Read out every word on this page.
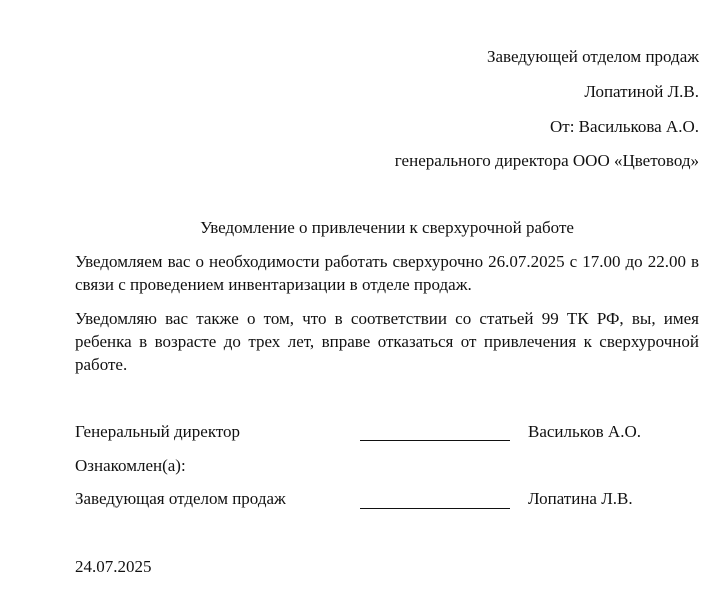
Заведующей отделом продаж
Лопатиной Л.В.
От: Василькова А.О.
генерального директора ООО «Цветовод»
Уведомление о привлечении к сверхурочной работе
Уведомляем вас о необходимости работать сверхурочно 26.07.2025 с 17.00 до 22.00 в связи с проведением инвентаризации в отделе продаж.
Уведомляю вас также о том, что в соответствии со статьей 99 ТК РФ, вы, имея ребенка в возрасте до трех лет, вправе отказаться от привлечения к сверхурочной работе.
Генеральный директор	Васильков А.О.
Ознакомлен(а):
Заведующая отделом продаж	Лопатина Л.В.
24.07.2025
